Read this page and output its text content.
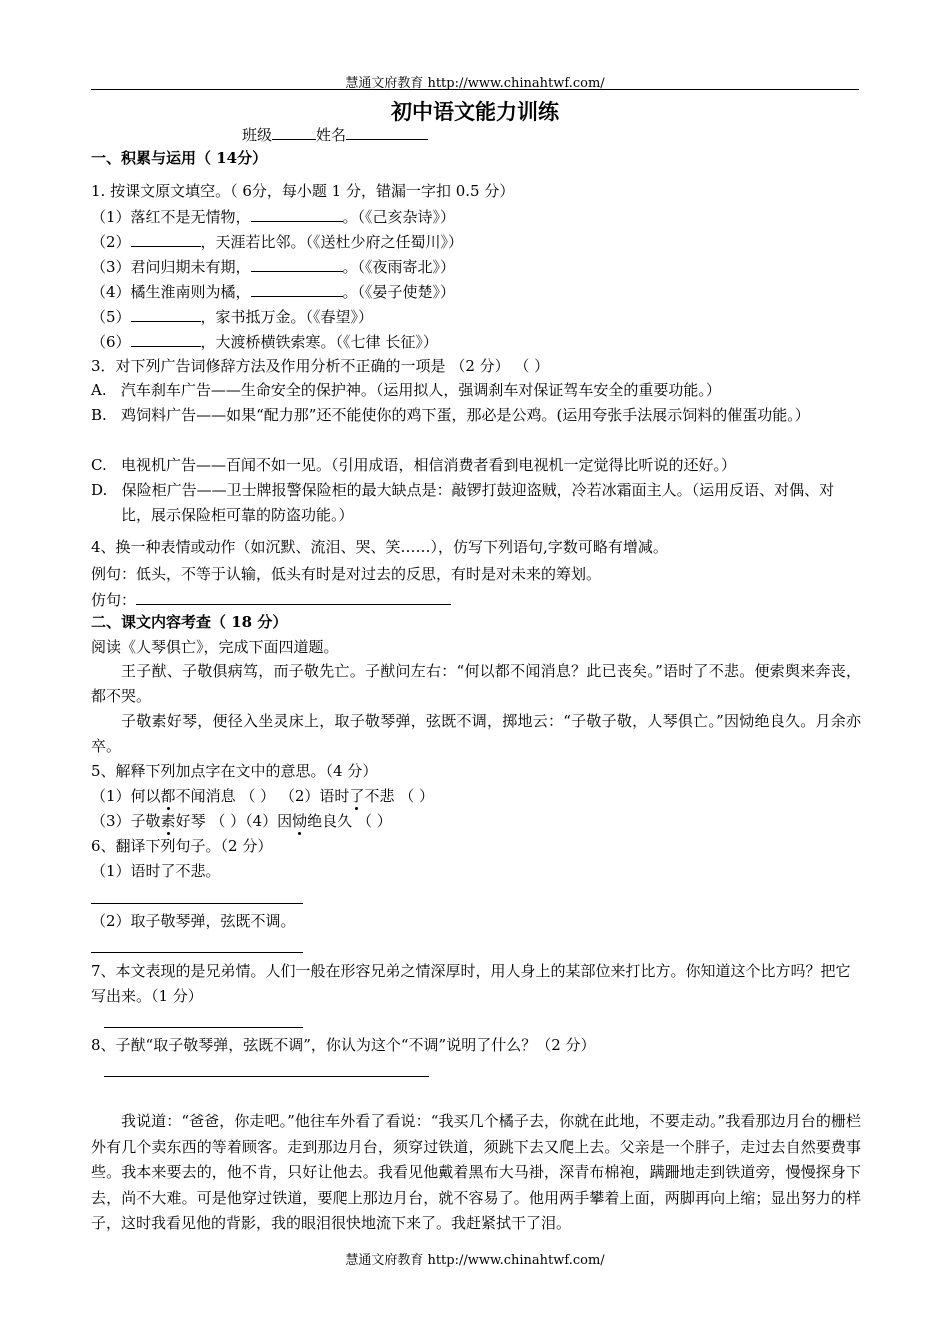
慧通文府教育 http://www.chinahtwf.com/
初中语文能力训练
班级	姓名
一、积累与运用（ 14分）
1. 按课文原文填空。（ 6分，每小题 1 分，错漏一字扣 0.5 分）
（1）落红不是无情物，	。（《己亥杂诗》）
（2）	，天涯若比邻。（《送杜少府之任蜀川》）
（3）君问归期未有期，	。（《夜雨寄北》）
（4）橘生淮南则为橘，	。（《晏子使楚》）
（5）	，家书抵万金。（《春望》）
（6）	，大渡桥横铁索寒。（《七律 长征》）
3．对下列广告词修辞方法及作用分析不正确的一项是 （2 分） （ ）
A. 汽车刹车广告——生命安全的保护神。（运用拟人，强调刹车对保证驾车安全的重要功能。）
B. 鸡饲料广告——如果“配力那”还不能使你的鸡下蛋，那必是公鸡。(运用夸张手法展示饲料的催蛋功能。）
C. 电视机广告——百闻不如一见。（引用成语，相信消费者看到电视机一定觉得比听说的还好。）
D. 保险柜广告——卫士牌报警保险柜的最大缺点是：敲锣打鼓迎盗贼，冷若冰霜面主人。（运用反语、对偶、对比，展示保险柜可靠的防盗功能。）
4、换一种表情或动作（如沉默、流泪、哭、笑……），仿写下列语句,字数可略有增减。
例句：低头，不等于认输，低头有时是对过去的反思，有时是对未来的筹划。
仿句：
二、课文内容考查（ 18 分）
阅读《人琴俱亡》，完成下面四道题。
王子猷、子敬俱病笃，而子敬先亡。子猷问左右：“何以都不闻消息？此已丧矣。”语时了不悲。便索舆来奔丧，都不哭。
子敬素好琴，便径入坐灵床上，取子敬琴弹，弦既不调，掷地云：“子敬子敬，人琴俱亡。”因恸绝良久。月余亦卒。
5、解释下列加点字在文中的意思。（4 分）
（1）何以都不闻消息 （ ） （2）语时了不悲 （ ）
（3）子敬素好琴 （ ）（4）因恸绝良久 （ ）
6、翻译下列句子。（2 分）
（1）语时了不悲。
（2）取子敬琴弹，弦既不调。
7、本文表现的是兄弟情。人们一般在形容兄弟之情深厚时，用人身上的某部位来打比方。你知道这个比方吗？把它写出来。（1 分）
8、子猷“取子敬琴弹，弦既不调”，你认为这个“不调”说明了什么？（2 分）
我说道：“爸爸，你走吧。”他往车外看了看说：“我买几个橘子去，你就在此地，不要走动。”我看那边月台的栅栏外有几个卖东西的等着顾客。走到那边月台，须穿过铁道，须跳下去又爬上去。父亲是一个胖子，走过去自然要费事些。我本来要去的，他不肯，只好让他去。我看见他戴着黑布大马褂，深青布棉袍，蹒跚地走到铁道旁，慢慢探身下去，尚不大难。可是他穿过铁道，要爬上那边月台，就不容易了。他用两手攀着上面，两脚再向上缩；显出努力的样子，这时我看见他的背影，我的眼泪很快地流下来了。我赶紧拭干了泪。
慧通文府教育 http://www.chinahtwf.com/
